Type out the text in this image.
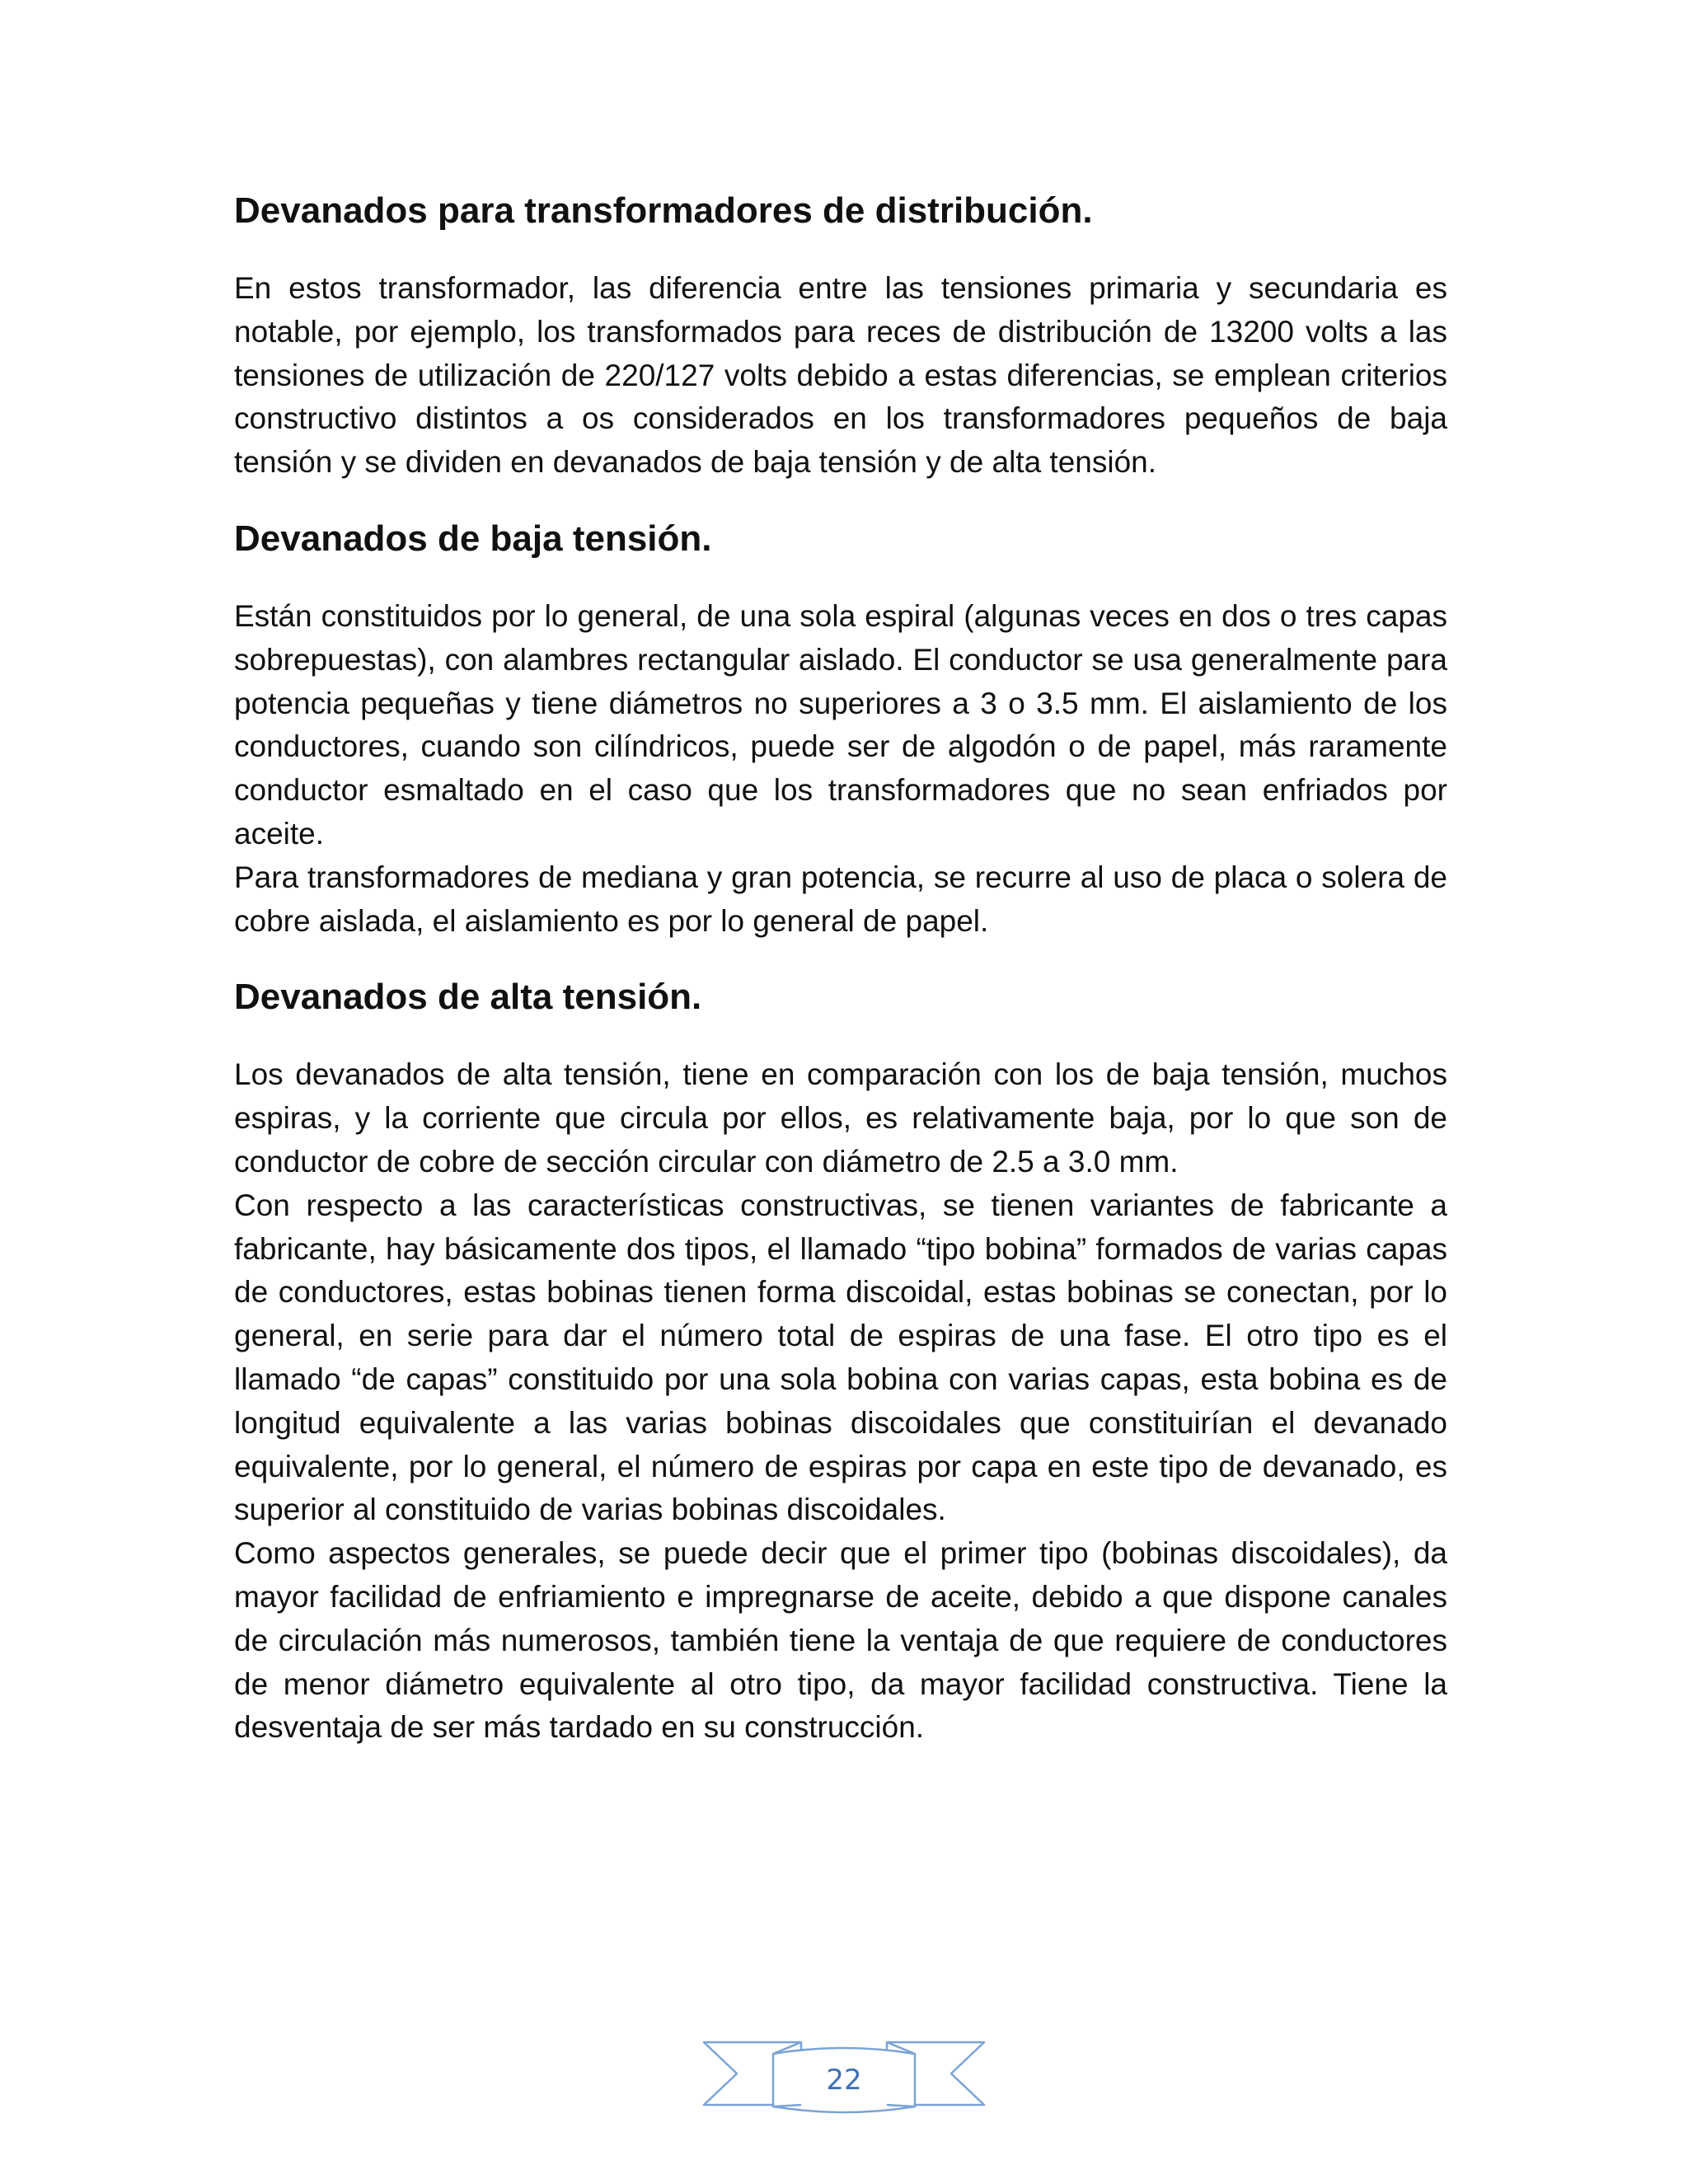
Devanados para transformadores de distribución.

En estos transformador, las diferencia entre las tensiones primaria y secundaria es notable, por ejemplo, los transformados para reces de distribución de 13200 volts a las tensiones de utilización de 220/127 volts debido a estas diferencias, se emplean criterios constructivo distintos a os considerados en los transformadores pequeños de baja tensión y se dividen en devanados de baja tensión y de alta tensión.

Devanados de baja tensión.

Están constituidos por lo general, de una sola espiral (algunas veces en dos o tres capas sobrepuestas), con alambres rectangular aislado. El conductor se usa generalmente para potencia pequeñas y tiene diámetros no superiores a 3 o 3.5 mm. El aislamiento de los conductores, cuando son cilíndricos, puede ser de algodón o de papel, más raramente conductor esmaltado en el caso que los transformadores que no sean enfriados por aceite.

Para transformadores de mediana y gran potencia, se recurre al uso de placa o solera de cobre aislada, el aislamiento es por lo general de papel.

Devanados de alta tensión.

Los devanados de alta tensión, tiene en comparación con los de baja tensión, muchos espiras, y la corriente que circula por ellos, es relativamente baja, por lo que son de conductor de cobre de sección circular con diámetro de 2.5 a 3.0 mm.

Con respecto a las características constructivas, se tienen variantes de fabricante a fabricante, hay básicamente dos tipos, el llamado “tipo bobina” formados de varias capas de conductores, estas bobinas tienen forma discoidal, estas bobinas se conectan, por lo general, en serie para dar el número total de espiras de una fase. El otro tipo es el llamado “de capas” constituido por una sola bobina con varias capas, esta bobina es de longitud equivalente a las varias bobinas discoidales que constituirían el devanado equivalente, por lo general, el número de espiras por capa en este tipo de devanado, es superior al constituido de varias bobinas discoidales.

Como aspectos generales, se puede decir que el primer tipo (bobinas discoidales), da mayor facilidad de enfriamiento e impregnarse de aceite, debido a que dispone canales de circulación más numerosos, también tiene la ventaja de que requiere de conductores de menor diámetro equivalente al otro tipo, da mayor facilidad constructiva. Tiene la desventaja de ser más tardado en su construcción.

22
